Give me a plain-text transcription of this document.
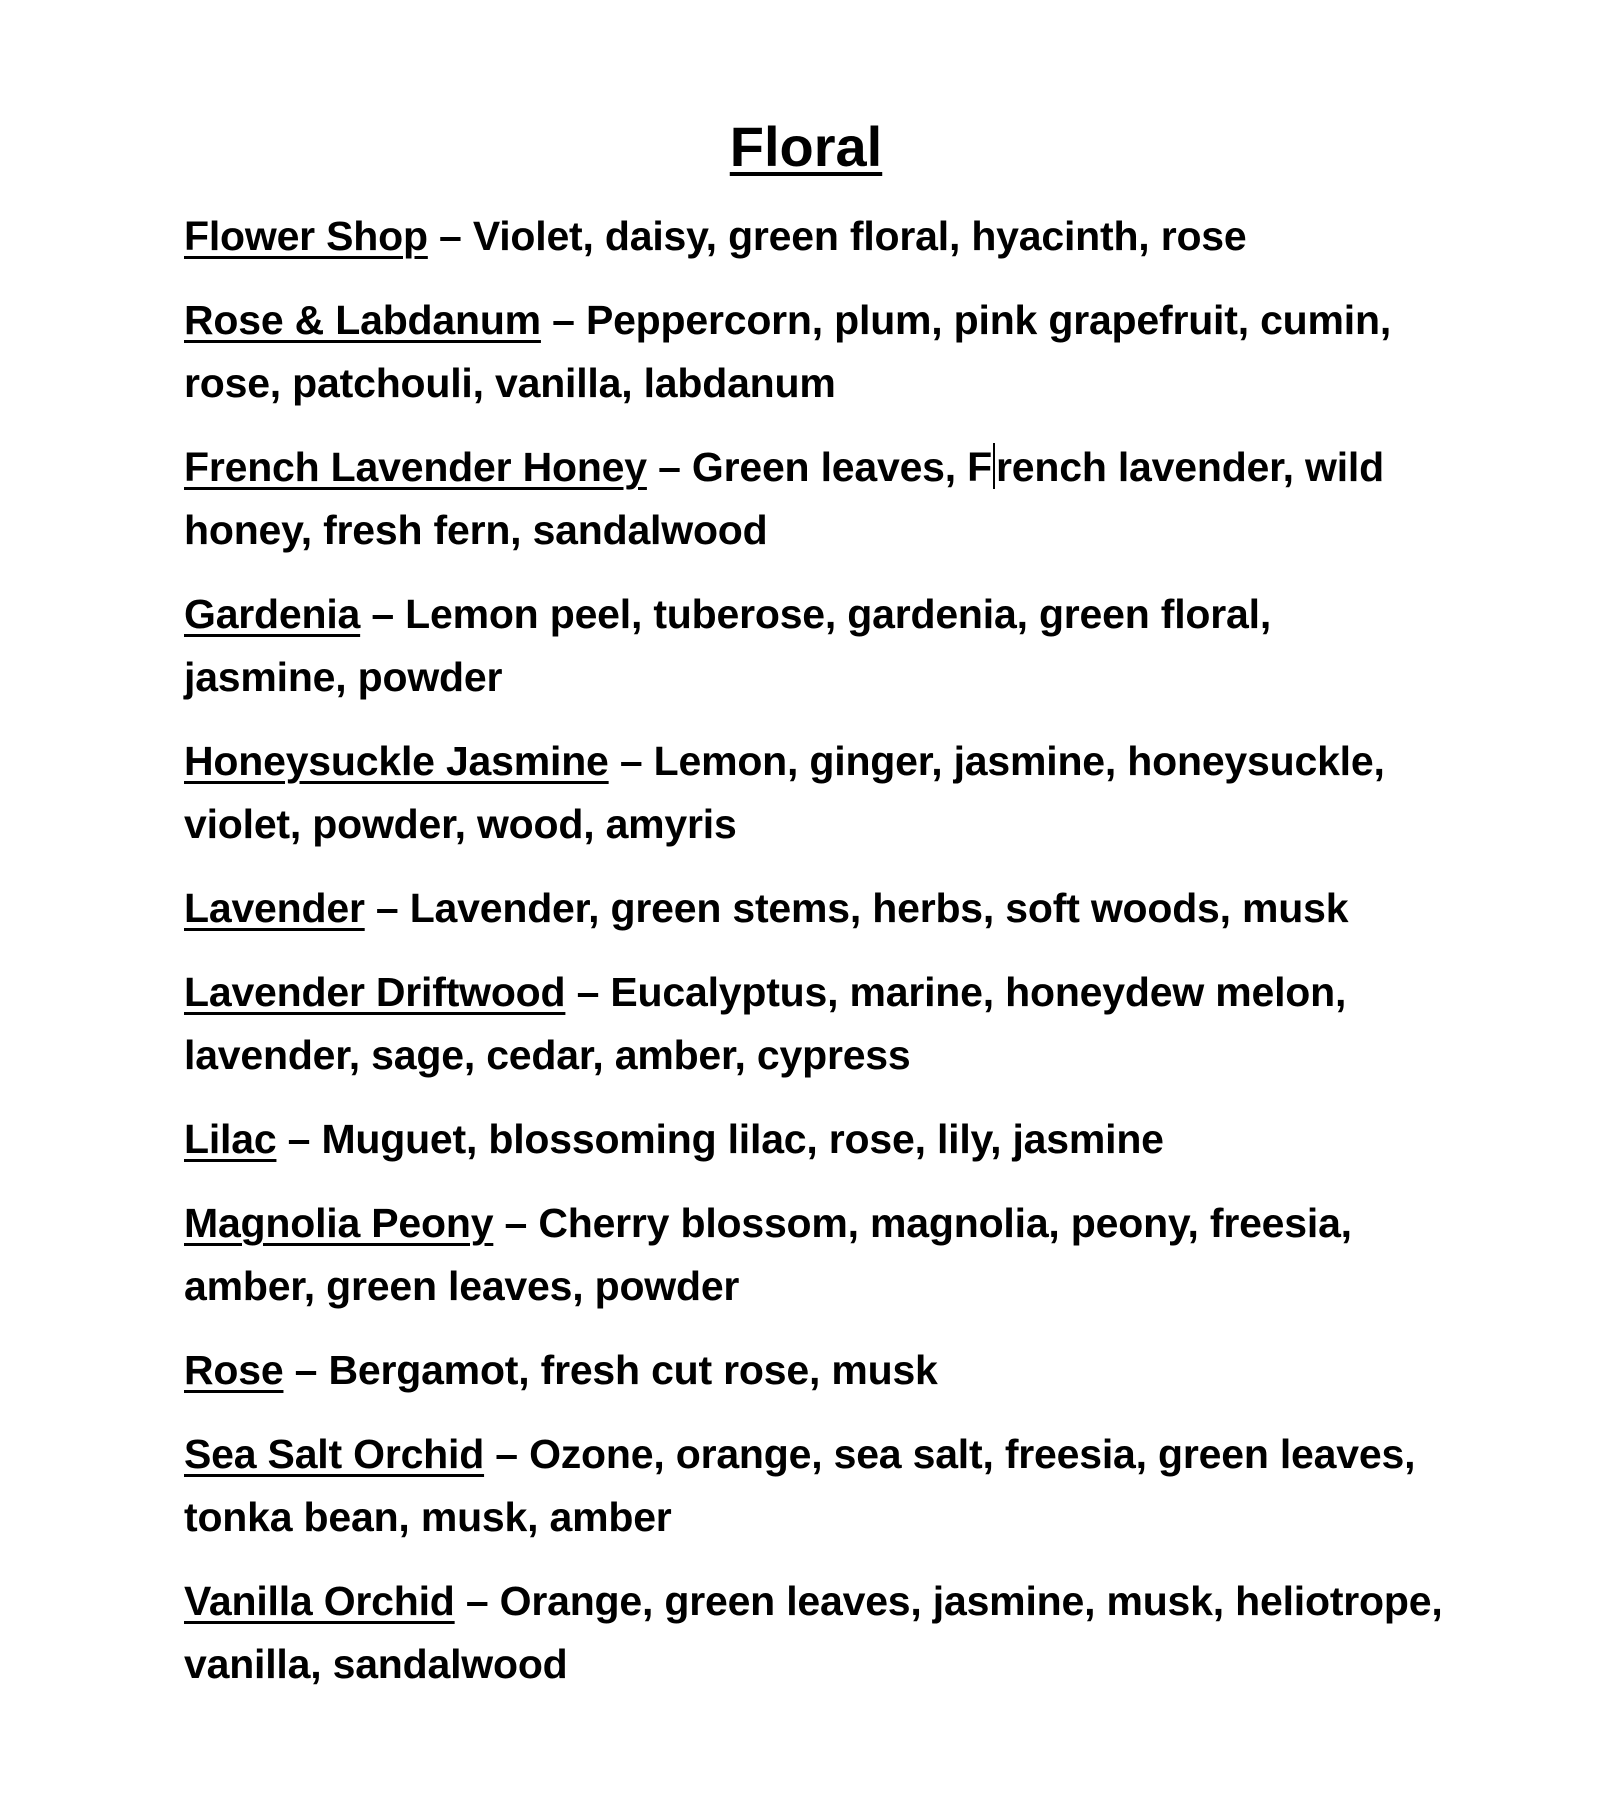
Floral
Flower Shop – Violet, daisy, green floral, hyacinth, rose
Rose & Labdanum – Peppercorn, plum, pink grapefruit, cumin, rose, patchouli, vanilla, labdanum
French Lavender Honey – Green leaves, French lavender, wild honey, fresh fern, sandalwood
Gardenia – Lemon peel, tuberose, gardenia, green floral, jasmine, powder
Honeysuckle Jasmine – Lemon, ginger, jasmine, honeysuckle, violet, powder, wood, amyris
Lavender – Lavender, green stems, herbs, soft woods, musk
Lavender Driftwood – Eucalyptus, marine, honeydew melon, lavender, sage, cedar, amber, cypress
Lilac – Muguet, blossoming lilac, rose, lily, jasmine
Magnolia Peony – Cherry blossom, magnolia, peony, freesia, amber, green leaves, powder
Rose – Bergamot, fresh cut rose, musk
Sea Salt Orchid – Ozone, orange, sea salt, freesia, green leaves, tonka bean, musk, amber
Vanilla Orchid – Orange, green leaves, jasmine, musk, heliotrope, vanilla, sandalwood
